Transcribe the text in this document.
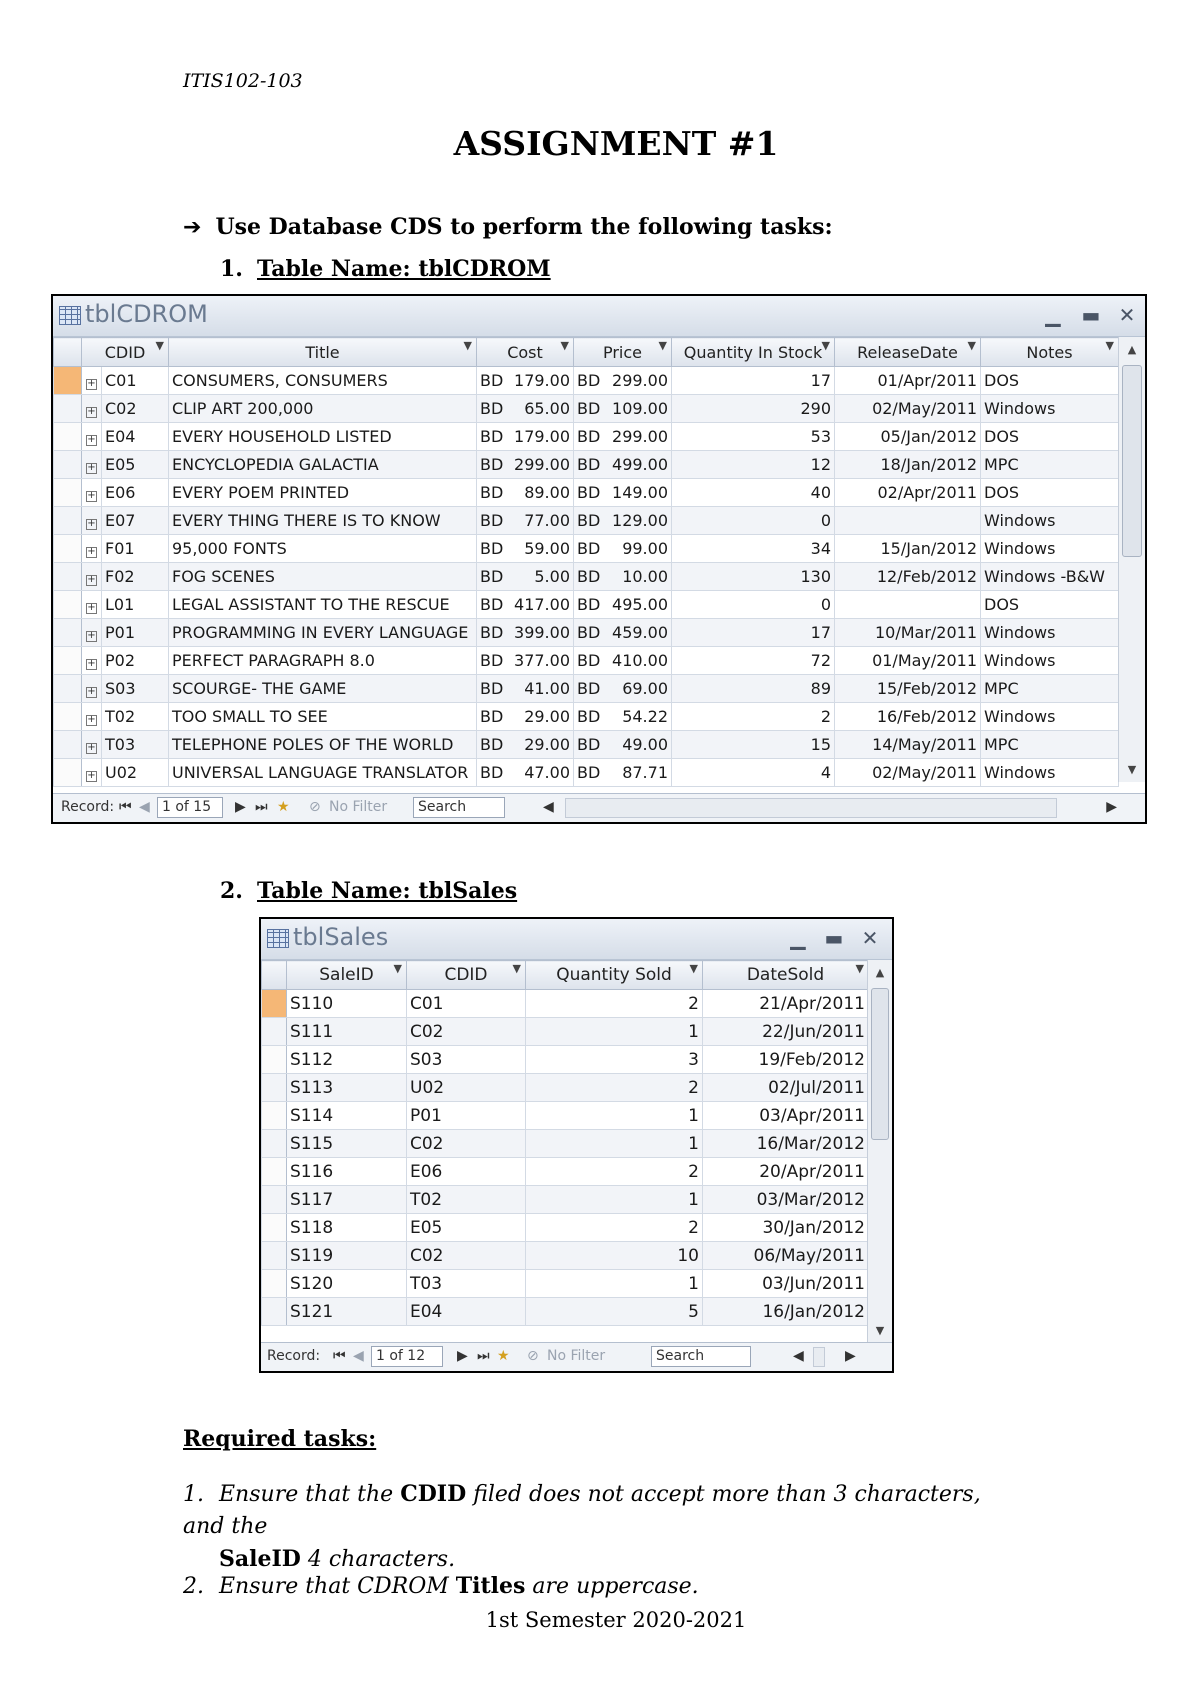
ITIS102-103
ASSIGNMENT #1
➔ Use Database CDS to perform the following tasks:
1. Table Name: tblCDROM
tblCDROM	▁ ▬ ✕
	CDID ▼		Title ▼	Cost ▼	Price ▼	Quantity In Stock ▼	ReleaseDate ▼	Notes ▼

	+	C01	CONSUMERS, CONSUMERS	BD 179.00	BD 299.00	17	01/Apr/2011	DOS
	+	C02	CLIP ART 200,000	BD 65.00	BD 109.00	290	02/May/2011	Windows
	+	E04	EVERY HOUSEHOLD LISTED	BD 179.00	BD 299.00	53	05/Jan/2012	DOS
	+	E05	ENCYCLOPEDIA GALACTIA	BD 299.00	BD 499.00	12	18/Jan/2012	MPC
	+	E06	EVERY POEM PRINTED	BD 89.00	BD 149.00	40	02/Apr/2011	DOS
	+	E07	EVERY THING THERE IS TO KNOW	BD 77.00	BD 129.00	0		Windows
	+	F01	95,000 FONTS	BD 59.00	BD 99.00	34	15/Jan/2012	Windows
	+	F02	FOG SCENES	BD 5.00	BD 10.00	130	12/Feb/2012	Windows -B&W
	+	L01	LEGAL ASSISTANT TO THE RESCUE	BD 417.00	BD 495.00	0		DOS
	+	P01	PROGRAMMING IN EVERY LANGUAGE	BD 399.00	BD 459.00	17	10/Mar/2011	Windows
	+	P02	PERFECT PARAGRAPH 8.0	BD 377.00	BD 410.00	72	01/May/2011	Windows
	+	S03	SCOURGE- THE GAME	BD 41.00	BD 69.00	89	15/Feb/2012	MPC
	+	T02	TOO SMALL TO SEE	BD 29.00	BD 54.22	2	16/Feb/2012	Windows
	+	T03	TELEPHONE POLES OF THE WORLD	BD 29.00	BD 49.00	15	14/May/2011	MPC
	+	U02	UNIVERSAL LANGUAGE TRANSLATOR	BD 47.00	BD 87.71	4	02/May/2011	Windows
▲
▼
Record: ⏮ ◀ 1 of 15	▶ ⏭ ★ ⊘ No Filter	Search	◀	▶
2. Table Name: tblSales
tblSales	▁ ▬ ✕
	SaleID ▼	CDID ▼	Quantity Sold ▼	DateSold ▼

	S110	C01	2	21/Apr/2011
	S111	C02	1	22/Jun/2011
	S112	S03	3	19/Feb/2012
	S113	U02	2	02/Jul/2011
	S114	P01	1	03/Apr/2011
	S115	C02	1	16/Mar/2012
	S116	E06	2	20/Apr/2011
	S117	T02	1	03/Mar/2012
	S118	E05	2	30/Jan/2012
	S119	C02	10	06/May/2011
	S120	T03	1	03/Jun/2011
	S121	E04	5	16/Jan/2012
▲
▼
Record: ⏮ ◀ 1 of 12	▶ ⏭ ★ ⊘ No Filter	Search	◀	▶
Required tasks:
1. Ensure that the CDID filed does not accept more than 3 characters, and the
SaleID 4 characters.
2. Ensure that CDROM Titles are uppercase.
1st Semester 2020-2021
